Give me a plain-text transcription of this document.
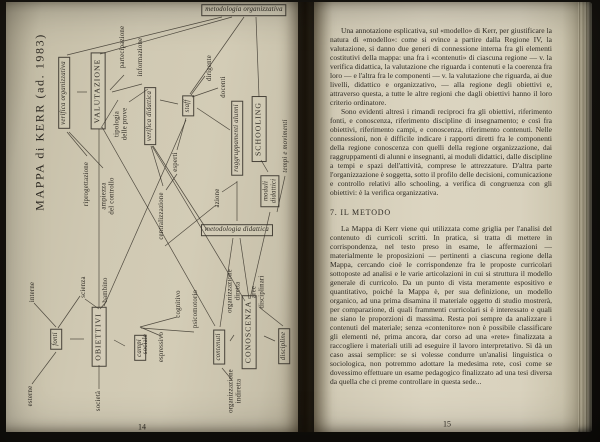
Una annotazione esplicativa, sul «modello» di Kerr, per giustificare la natura di «modello»: come si evince a partire dalla Regione IV, la valutazione, si danno due generi di connessione interna fra gli elementi costitutivi della mappa: una fra i «contenuti» di ciascuna regione — v. la verifica didattica, la valutazione che riguarda i contenuti e la coerenza fra loro — e l'altra fra le componenti — v. la valutazione che riguarda, ai due livelli, didattico e organizzativo, — alla regione degli obiettivi e, attraverso questa, a tutte le altre regioni che dagli obiettivi hanno il loro criterio ordinatore.

Sono evidenti altresì i rimandi reciproci fra gli obiettivi, riferimento fonti, e conoscenza, riferimento discipline di insegnamento; e così fra obiettivi, riferimento campi, e conoscenza, riferimento contenuti. Nelle connessioni, non è difficile indicare i rapporti diretti fra le componenti della regione conoscenza con quelli della regione organizzazione, dai raggruppamenti di alunni e insegnanti, ai moduli didattici, dalle discipline a tempi e spazi dell'attività, comprese le attrezzature. D'altra parte l'organizzazione è soggetta, sotto il profilo delle decisioni, comunicazione e controllo relativi allo schooling, a verifica di congruenza con gli obiettivi: è la verifica organizzativa.

7. IL METODO

La Mappa di Kerr viene qui utilizzata come griglia per l'analisi del contenuto di curricoli scritti. In pratica, si tratta di mettere in corrispondenza, nel testo preso in esame, le affermazioni — materialmente le proposizioni — pertinenti a ciascuna regione della Mappa, cercando cioè le corrispondenze fra le proposte curricolari sottoposte ad analisi e le varie articolazioni in cui si struttura il modello generale di curricolo. Da un punto di vista meramente espositivo e quantitativo, poiché la Mappa è, per sua definizione, un modello organico, ad una prima disamina il materiale oggetto di studio mostrerà, per comparazione, di quali frammenti curricolari si è interessato e quali ne siano le proporzioni di massima. Resta poi sempre da analizzare i contenuti del materiale; senza «contenitore» non è possibile classificare gli elementi né, prima ancora, dar corso ad una «rete» finalizzata a raccogliere i materiali utili ad eseguire il lavoro interpretativo. Si dà un caso assai semplice: se si volesse condurre un'analisi linguistica o sociologica, non potremmo adottare la medesima rete, così come se dovessimo effettuare un esame pedagogico finalizzato ad una tesi diversa da quella che ci preme controllare in questa sede...

MAPPA di KERR (ad. 1983)
metodologia organizzativa
verifica organizzativa	VALUTAZIONE
partecipazione informazione
tipologia
delle prove	verifica didattica
dirigente
docenti
staff	SCHOOLING
raggruppamenti alunni	tempi e movimenti
esperti
riprogettazione ampiezza
del controllo
centralizzazione	azione	moduli
didattici
metodologia didattica
psicomotorio
cognitivo	organizzazione
diretta aree
disciplinari
interne	scienza bambino
sociale espressivo
fonti	OBIETTIVI	campi	contenuti	CONOSCENZA	discipline
organizzazione
indiretta
esterne	società
14	15
